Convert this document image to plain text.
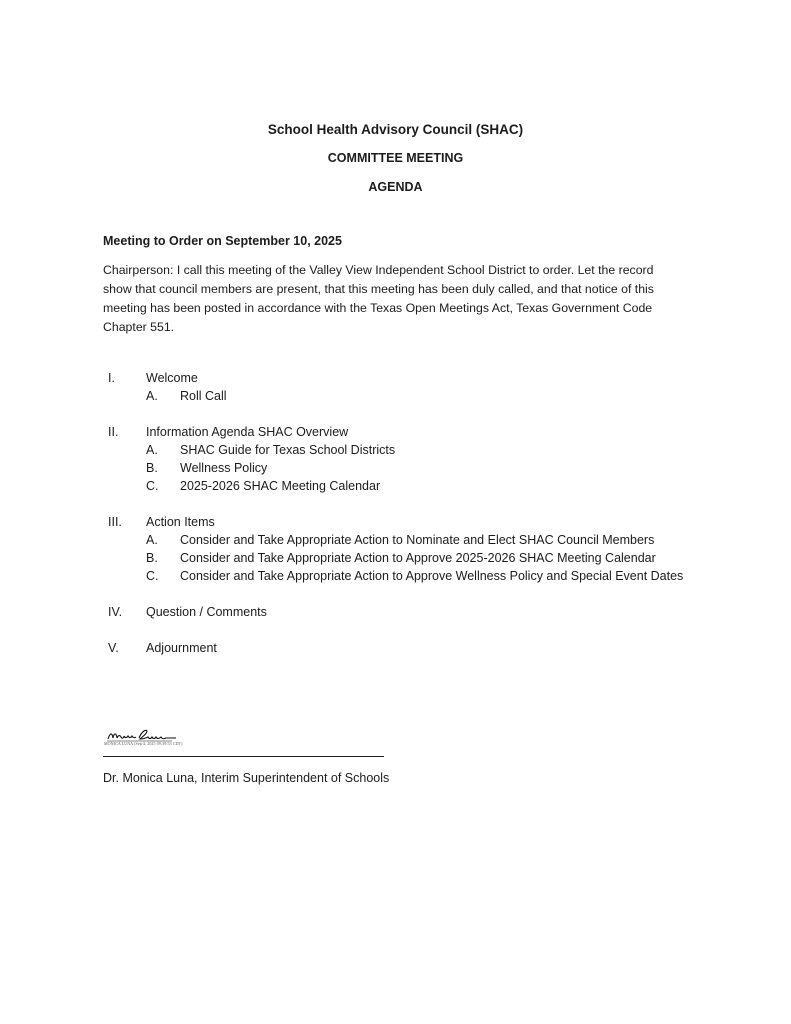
School Health Advisory Council (SHAC)
COMMITTEE MEETING
AGENDA
Meeting to Order on September 10, 2025
Chairperson: I call this meeting of the Valley View Independent School District to order. Let the record show that council members are present, that this meeting has been duly called, and that notice of this meeting has been posted in accordance with the Texas Open Meetings Act, Texas Government Code Chapter 551.
I.	Welcome
A.	Roll Call
II.	Information Agenda SHAC Overview
A.	SHAC Guide for Texas School Districts
B.	Wellness Policy
C.	2025-2026 SHAC Meeting Calendar
III.	Action Items
A.	Consider and Take Appropriate Action to Nominate and Elect SHAC Council Members
B.	Consider and Take Appropriate Action to Approve 2025-2026 SHAC Meeting Calendar
C.	Consider and Take Appropriate Action to Approve Wellness Policy and Special Event Dates
IV.	Question / Comments
V.	Adjournment
MONICA LUNA (Sep 4, 2025 09:39:53 CDT)
Dr. Monica Luna, Interim Superintendent of Schools
